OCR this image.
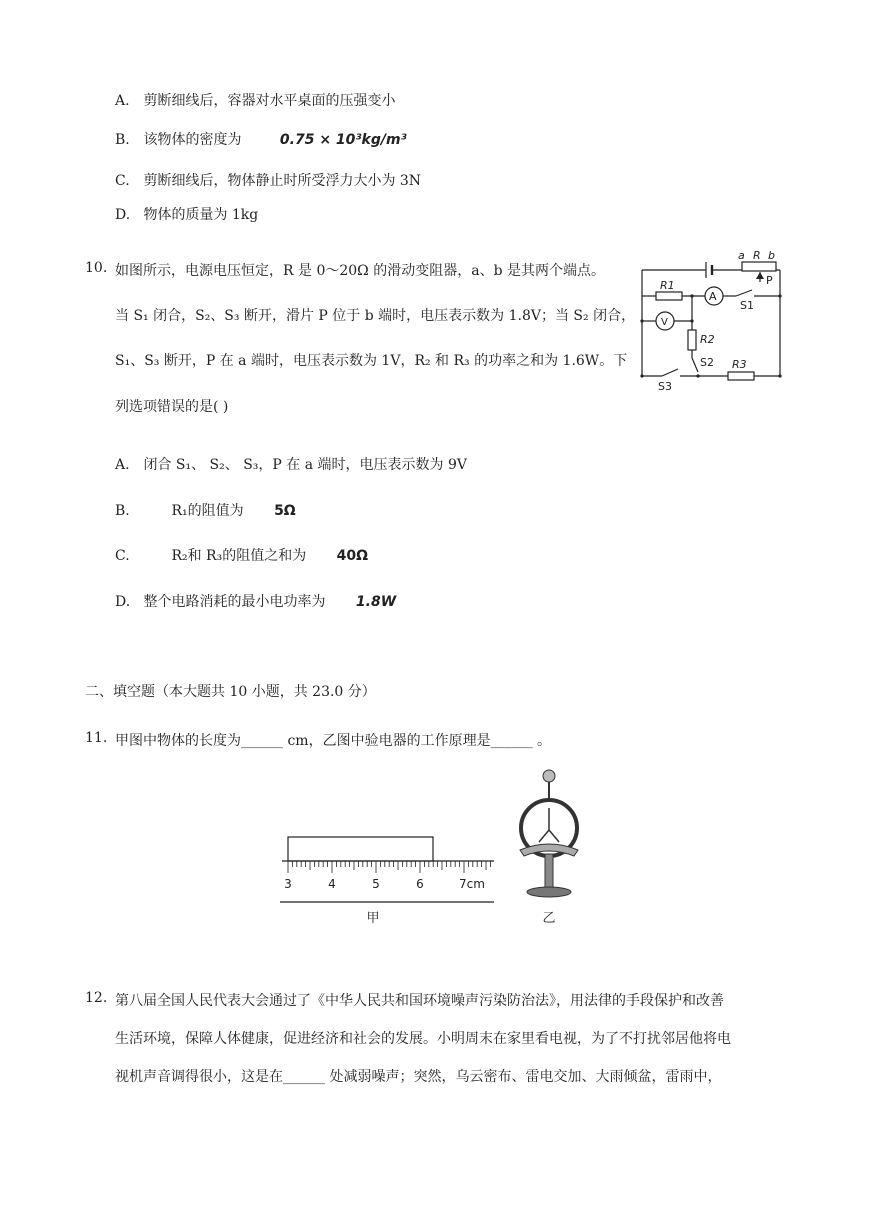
A. 剪断细线后，容器对水平桌面的压强变小
B. 该物体的密度为	0.75 × 10³kg/m³
C. 剪断细线后，物体静止时所受浮力大小为 3N
D. 物体的质量为 1kg
10. 如图所示，电源电压恒定，R 是 0～20Ω 的滑动变阻器，a、b 是其两个端点。
当 S₁ 闭合，S₂、S₃ 断开，滑片 P 位于 b 端时，电压表示数为 1.8V；当 S₂ 闭合，
S₁、S₃ 断开，P 在 a 端时，电压表示数为 1V，R₂ 和 R₃ 的功率之和为 1.6W。下
列选项错误的是( )
a R b
P
R1
A
S1
V
R2
S2 R3
S3
A. 闭合 S₁、 S₂、 S₃，P 在 a 端时，电压表示数为 9V
B.	R₁的阻值为 5Ω
C.	R₂和 R₃的阻值之和为 40Ω
D. 整个电路消耗的最小电功率为 1.8W
二、填空题（本大题共 10 小题，共 23.0 分）
11. 甲图中物体的长度为______ cm，乙图中验电器的工作原理是______ 。
3	4	5	6	7cm
甲	乙
12. 第八届全国人民代表大会通过了《中华人民共和国环境噪声污染防治法》，用法律的手段保护和改善
生活环境，保障人体健康，促进经济和社会的发展。小明周末在家里看电视，为了不打扰邻居他将电
视机声音调得很小，这是在______ 处减弱噪声；突然，乌云密布、雷电交加、大雨倾盆，雷雨中，
